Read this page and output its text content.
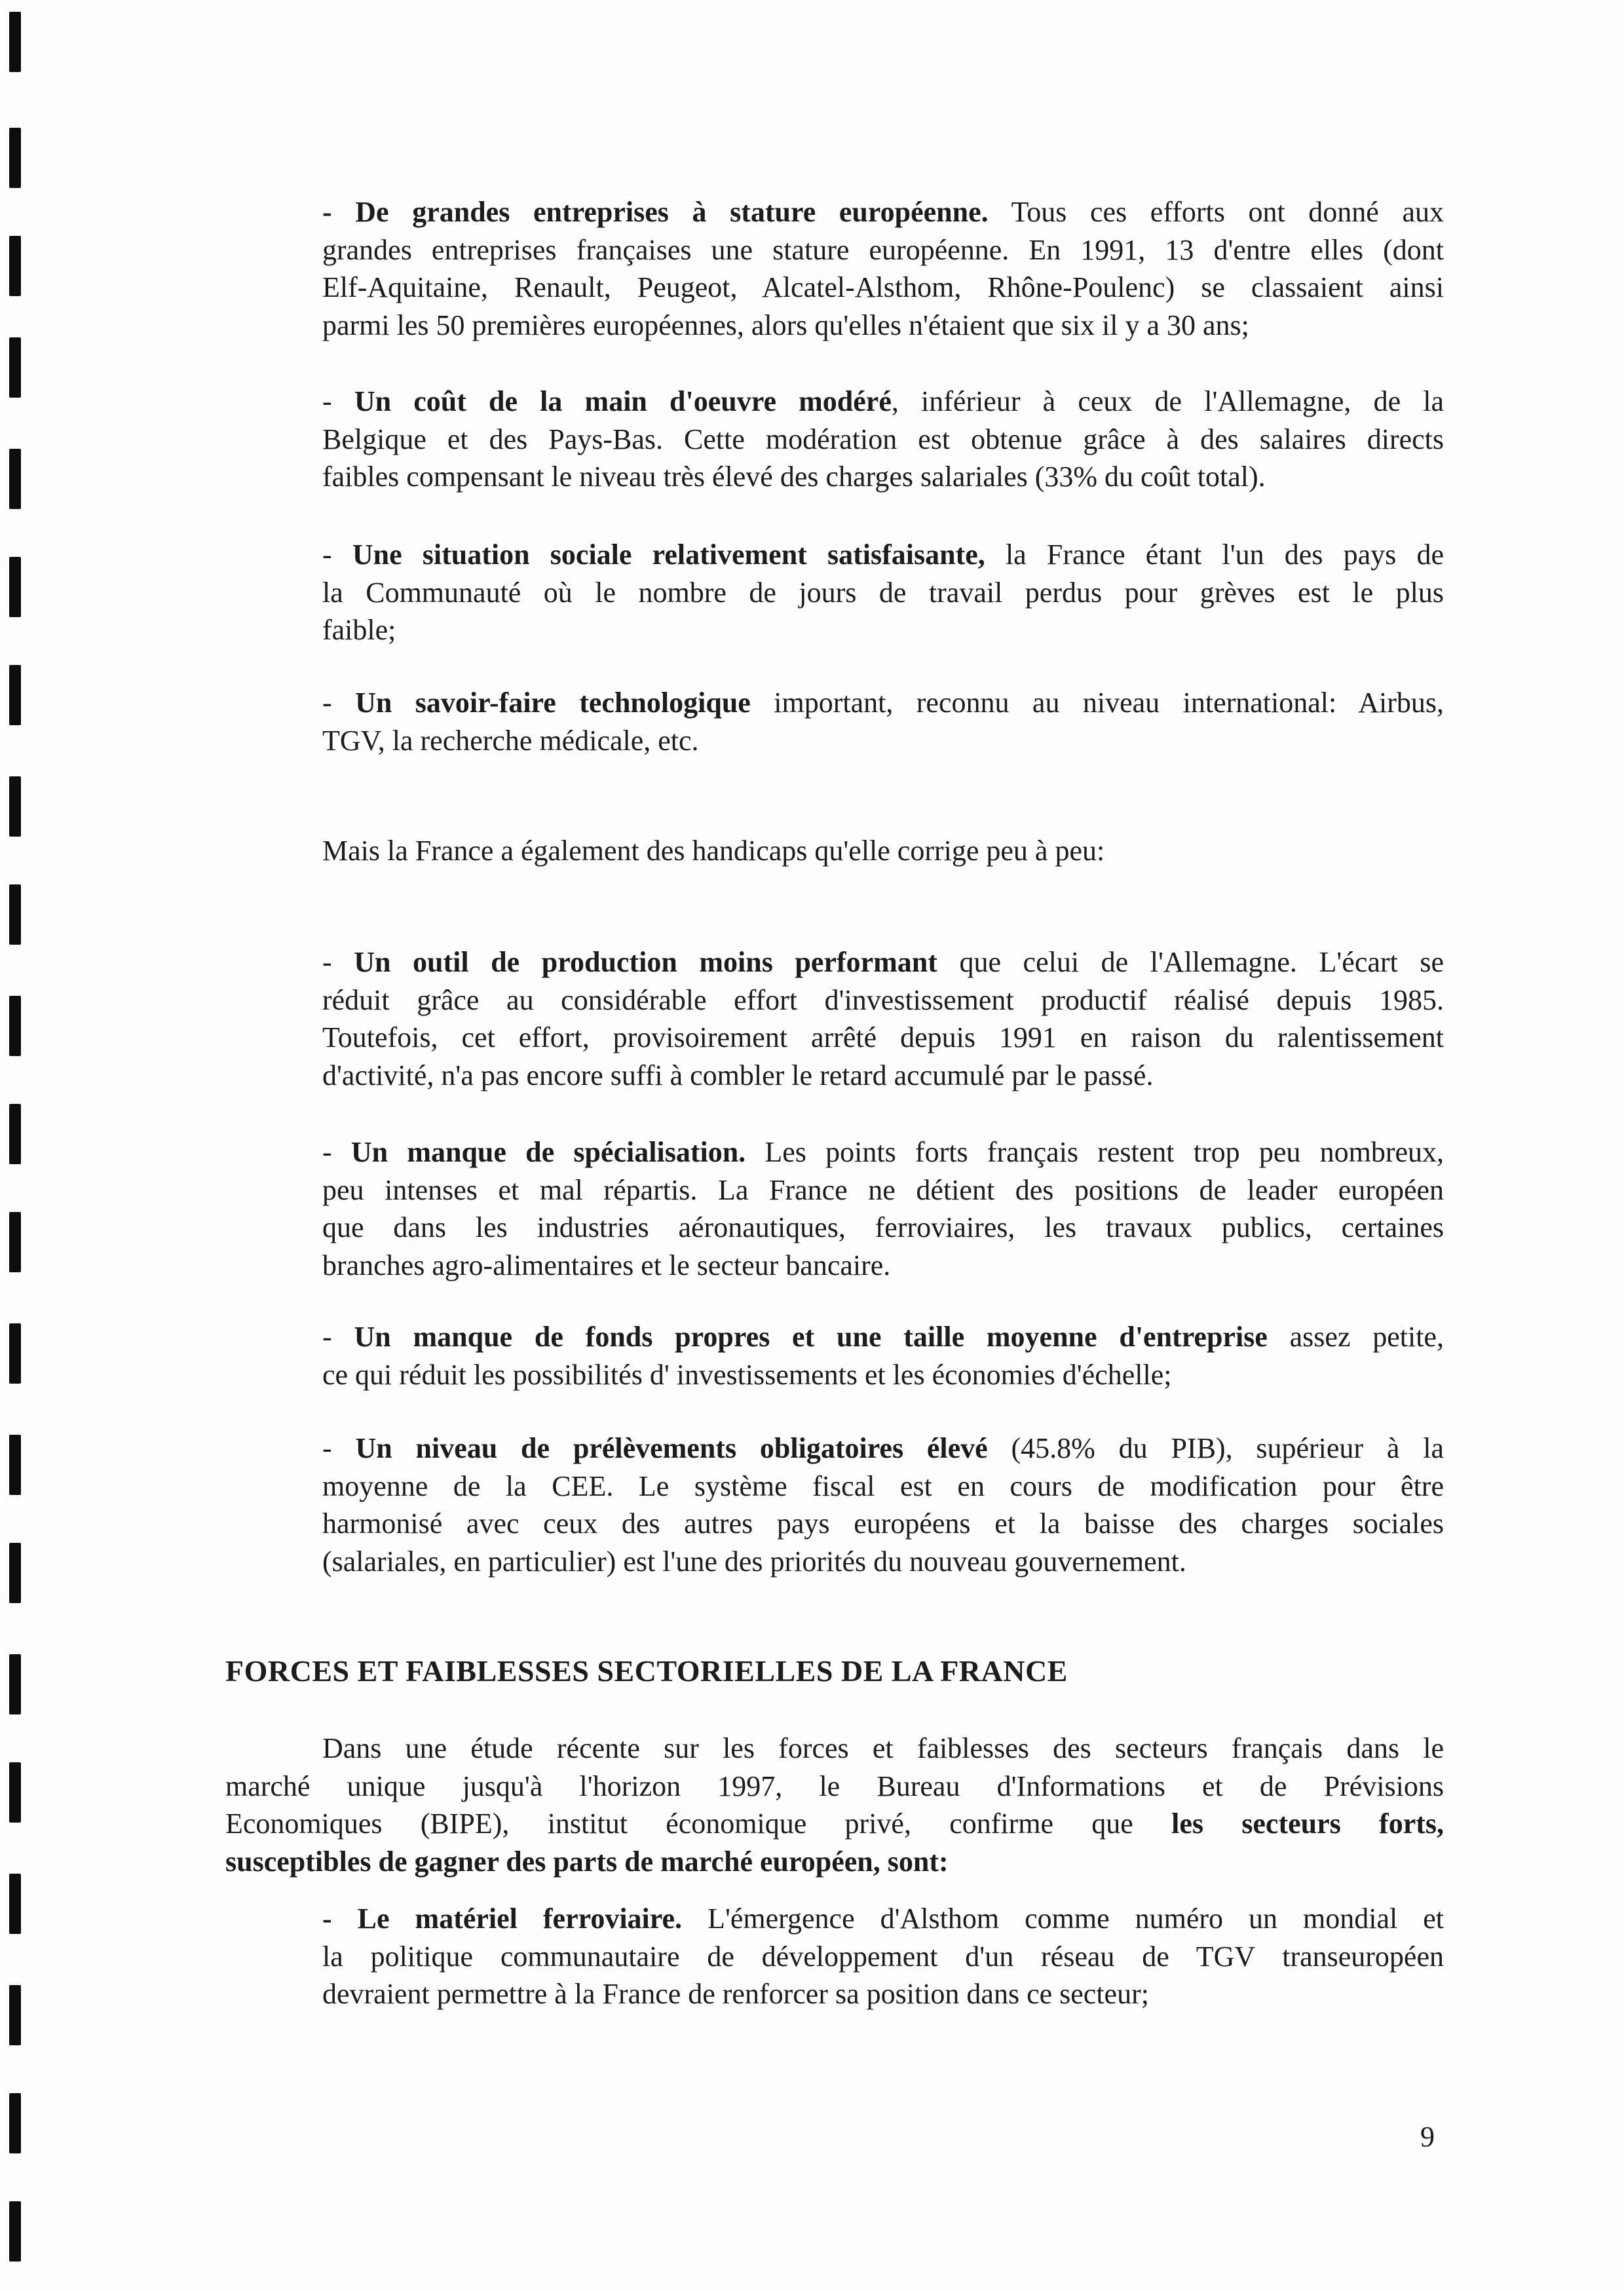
- De grandes entreprises à stature européenne. Tous ces efforts ont donné aux
grandes entreprises françaises une stature européenne. En 1991, 13 d'entre elles (dont
Elf-Aquitaine, Renault, Peugeot, Alcatel-Alsthom, Rhône-Poulenc) se classaient ainsi
parmi les 50 premières européennes, alors qu'elles n'étaient que six il y a 30 ans;
- Un coût de la main d'oeuvre modéré, inférieur à ceux de l'Allemagne, de la
Belgique et des Pays-Bas. Cette modération est obtenue grâce à des salaires directs
faibles compensant le niveau très élevé des charges salariales (33% du coût total).
- Une situation sociale relativement satisfaisante, la France étant l'un des pays de
la Communauté où le nombre de jours de travail perdus pour grèves est le plus
faible;
- Un savoir-faire technologique important, reconnu au niveau international: Airbus,
TGV, la recherche médicale, etc.
Mais la France a également des handicaps qu'elle corrige peu à peu:
- Un outil de production moins performant que celui de l'Allemagne. L'écart se
réduit grâce au considérable effort d'investissement productif réalisé depuis 1985.
Toutefois, cet effort, provisoirement arrêté depuis 1991 en raison du ralentissement
d'activité, n'a pas encore suffi à combler le retard accumulé par le passé.
- Un manque de spécialisation. Les points forts français restent trop peu nombreux,
peu intenses et mal répartis. La France ne détient des positions de leader européen
que dans les industries aéronautiques, ferroviaires, les travaux publics, certaines
branches agro-alimentaires et le secteur bancaire.
- Un manque de fonds propres et une taille moyenne d'entreprise assez petite,
ce qui réduit les possibilités d' investissements et les économies d'échelle;
- Un niveau de prélèvements obligatoires élevé (45.8% du PIB), supérieur à la
moyenne de la CEE. Le système fiscal est en cours de modification pour être
harmonisé avec ceux des autres pays européens et la baisse des charges sociales
(salariales, en particulier) est l'une des priorités du nouveau gouvernement.
FORCES ET FAIBLESSES SECTORIELLES DE LA FRANCE
Dans une étude récente sur les forces et faiblesses des secteurs français dans le
marché unique jusqu'à l'horizon 1997, le Bureau d'Informations et de Prévisions
Economiques (BIPE), institut économique privé, confirme que les secteurs forts,
susceptibles de gagner des parts de marché européen, sont:
- Le matériel ferroviaire. L'émergence d'Alsthom comme numéro un mondial et
la politique communautaire de développement d'un réseau de TGV transeuropéen
devraient permettre à la France de renforcer sa position dans ce secteur;
9
